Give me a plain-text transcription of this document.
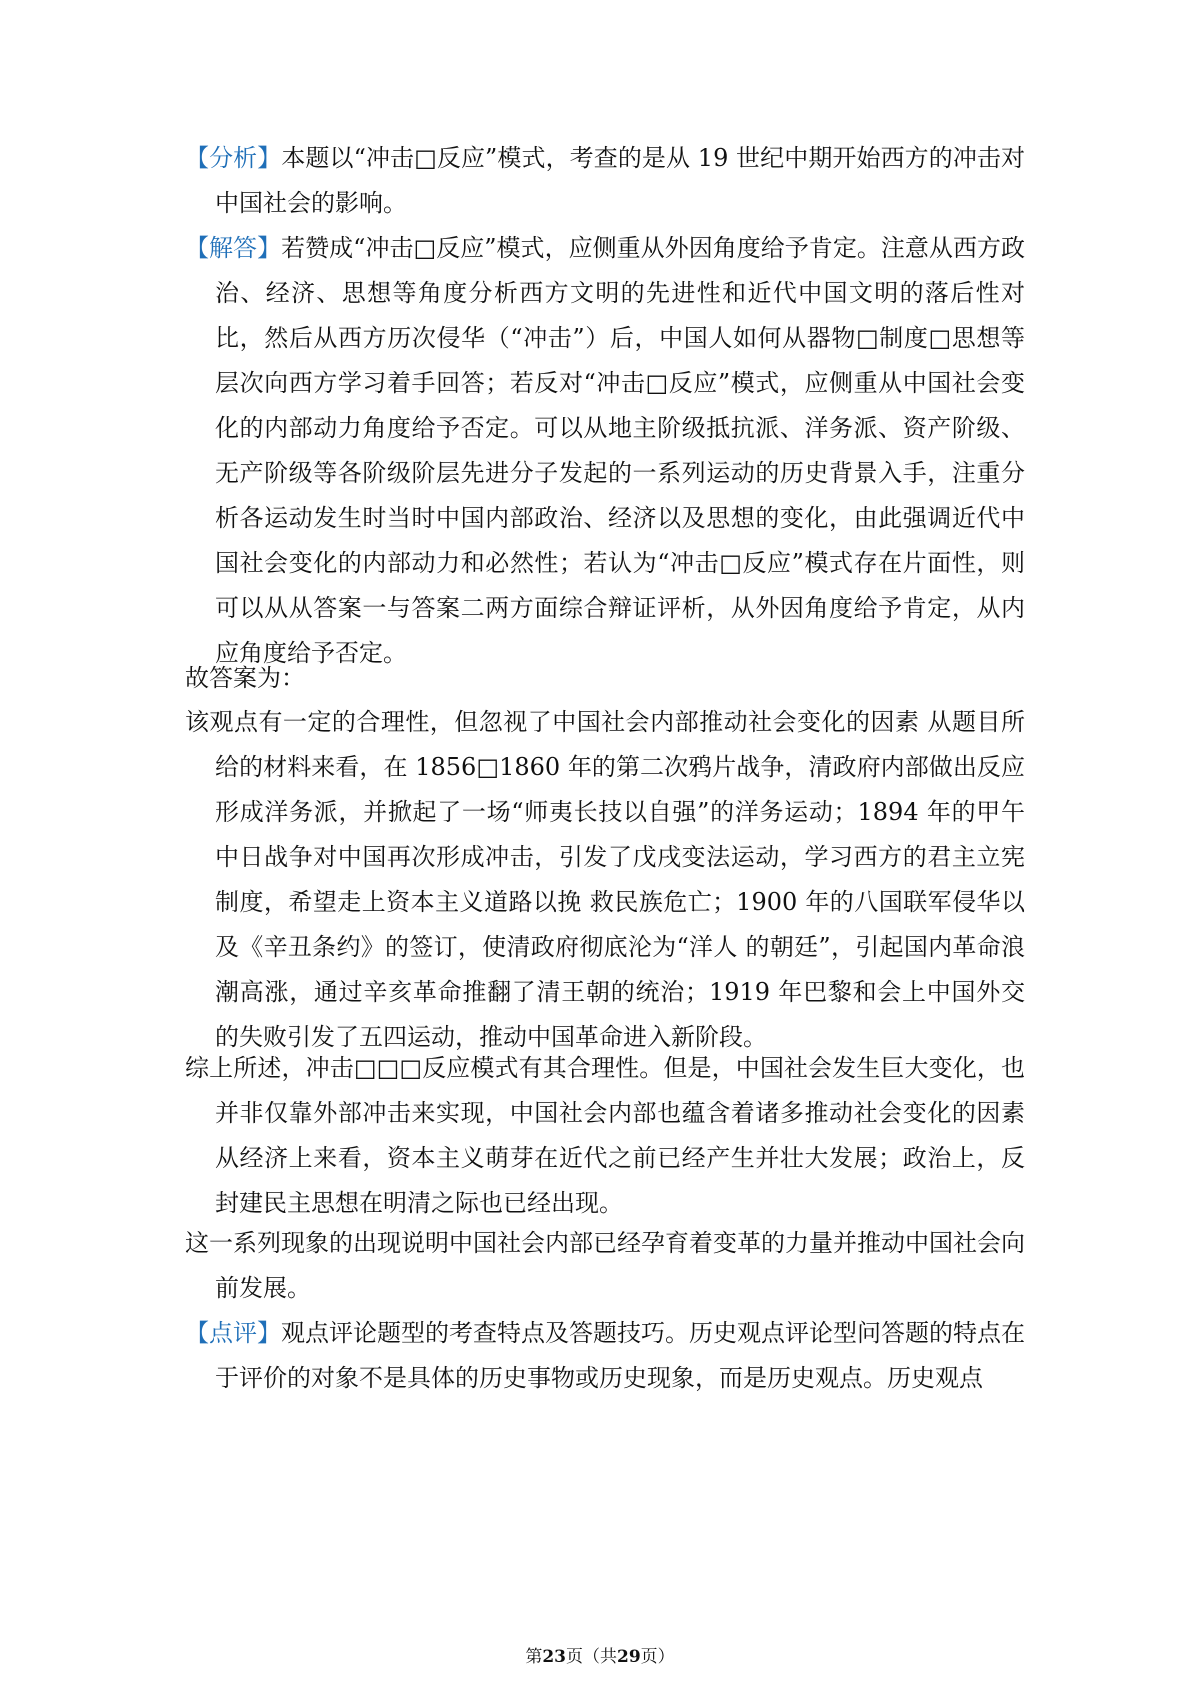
【分析】本题以“冲击□反应”模式，考查的是从 19 世纪中期开始西方的冲击对中国社会的影响。

【解答】若赞成“冲击□反应”模式，应侧重从外因角度给予肯定。注意从西方政治、经济、思想等角度分析西方文明的先进性和近代中国文明的落后性对比，然后从西方历次侵华（“冲击”）后，中国人如何从器物□制度□思想等层次向西方学习着手回答；若反对“冲击□反应”模式，应侧重从中国社会变化的内部动力角度给予否定。可以从地主阶级抵抗派、洋务派、资产阶级、无产阶级等各阶级阶层先进分子发起的一系列运动的历史背景入手，注重分析各运动发生时当时中国内部政治、经济以及思想的变化，由此强调近代中国社会变化的内部动力和必然性；若认为“冲击□反应”模式存在片面性，则可以从从答案一与答案二两方面综合辩证评析，从外因角度给予肯定，从内应角度给予否定。

故答案为：

该观点有一定的合理性，但忽视了中国社会内部推动社会变化的因素 从题目所给的材料来看，在 1856□1860 年的第二次鸦片战争，清政府内部做出反应形成洋务派，并掀起了一场“师夷长技以自强”的洋务运动；1894 年的甲午中日战争对中国再次形成冲击，引发了戊戌变法运动，学习西方的君主立宪制度，希望走上资本主义道路以挽 救民族危亡；1900 年的八国联军侵华以及《辛丑条约》的签订，使清政府彻底沦为“洋人 的朝廷”，引起国内革命浪潮高涨，通过辛亥革命推翻了清王朝的统治；1919 年巴黎和会上中国外交的失败引发了五四运动，推动中国革命进入新阶段。

综上所述，冲击□□□反应模式有其合理性。但是，中国社会发生巨大变化，也并非仅靠外部冲击来实现，中国社会内部也蕴含着诸多推动社会变化的因素 从经济上来看，资本主义萌芽在近代之前已经产生并壮大发展；政治上，反封建民主思想在明清之际也已经出现。

这一系列现象的出现说明中国社会内部已经孕育着变革的力量并推动中国社会向前发展。

【点评】观点评论题型的考查特点及答题技巧。历史观点评论型问答题的特点在于评价的对象不是具体的历史事物或历史现象，而是历史观点。历史观点

第23页（共29页）
